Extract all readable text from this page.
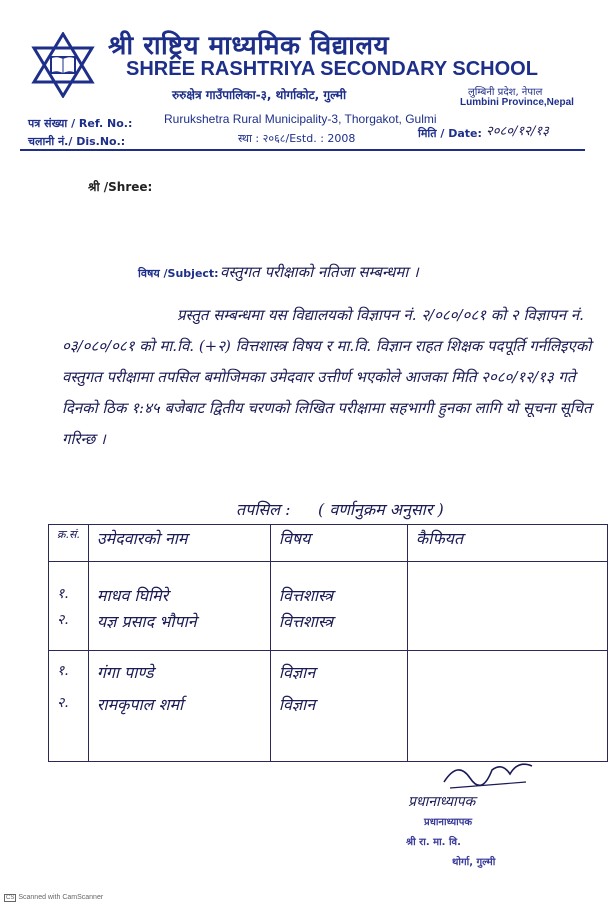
श्री राष्ट्रिय माध्यमिक विद्यालय
SHREE RASHTRIYA SECONDARY SCHOOL
रुरुक्षेत्र गाउँपालिका-३, थोर्गाकोट, गुल्मी	लुम्बिनी प्रदेश, नेपाल
Lumbini Province,Nepal
Rurukshetra Rural Municipality-3, Thorgakot, Gulmi
स्था : २०६८/Estd. : 2008
पत्र संख्या / Ref. No.:
चलानी नं./ Dis.No.:
मिति / Date: २०८०/१२/१३
श्री /Shree:
विषय /Subject: वस्तुगत परीक्षाको नतिजा सम्बन्धमा ।
प्रस्तुत सम्बन्धमा यस विद्यालयको विज्ञापन नं. २/०८०/०८१ को २ विज्ञापन नं. ०३/०८०/०८१ को मा.वि. (+२) वित्तशास्त्र विषय र मा.वि. विज्ञान राहत शिक्षक पदपूर्ति गर्नलिइएको वस्तुगत परीक्षामा तपसिल बमोजिमका उमेदवार उत्तीर्ण भएकोले आजका मिति २०८०/१२/१३ गते दिनको ठिक १:४५ बजेबाट द्वितीय चरणको लिखित परीक्षामा सहभागी हुनका लागि यो सूचना सूचित गरिन्छ ।
तपसिल : ( वर्णानुक्रम अनुसार )
क्र.सं.	उमेदवारको नाम	विषय	कैफियत

१.	माधव घिमिरे	वित्तशास्त्र	
२.	यज्ञ प्रसाद भौपाने	वित्तशास्त्र	

१.	गंगा पाण्डे	विज्ञान	
२.	रामकृपाल शर्मा	विज्ञान	

प्रधानाध्यापक
प्रधानाध्यापक
श्री रा. मा. वि.
थोर्गा, गुल्मी
CS Scanned with CamScanner
